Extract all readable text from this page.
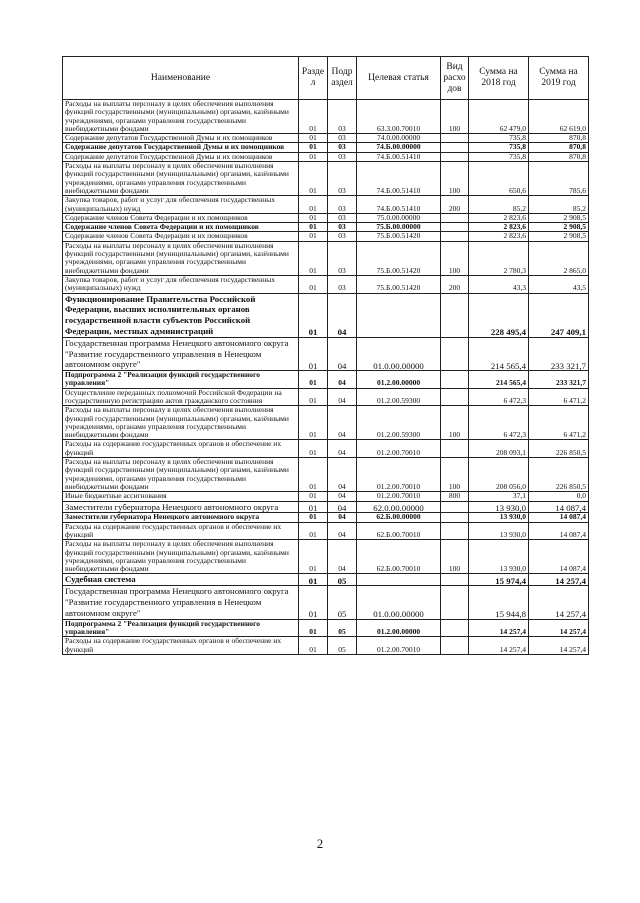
Наименование	Разде л	Подр аздел	Целевая статья	Вид расхо дов	Сумма на 2018 год	Сумма на 2019 год
Расходы на выплаты персоналу в целях обеспечения выполнения функций государственными (муниципальными) органами, казёнными учреждениями, органами управления государственными внебюджетными фондами	01	03	63.3.00.70010	100	62 479,0	62 619,0
Содержание депутатов Государственной Думы и их помощников	01	03	74.0.00.00000		735,8	870,8
Содержание депутатов Государственной Думы и их помощников	01	03	74.Б.00.00000		735,8	870,8
Содержание депутатов Государственной Думы и их помощников	01	03	74.Б.00.51410		735,8	870,8
Расходы на выплаты персоналу в целях обеспечения выполнения функций государственными (муниципальными) органами, казёнными учреждениями, органами управления государственными внебюджетными фондами	01	03	74.Б.00.51410	100	650,6	785,6
Закупка товаров, работ и услуг для обеспечения государственных (муниципальных) нужд	01	03	74.Б.00.51410	200	85,2	85,2
Содержание членов Совета Федерации и их помощников	01	03	75.0.00.00000		2 823,6	2 908,5
Содержание членов Совета Федерации и их помощников	01	03	75.Б.00.00000		2 823,6	2 908,5
Содержание членов Совета Федерации и их помощников	01	03	75.Б.00.51420		2 823,6	2 908,5
Расходы на выплаты персоналу в целях обеспечения выполнения функций государственными (муниципальными) органами, казёнными учреждениями, органами управления государственными внебюджетными фондами	01	03	75.Б.00.51420	100	2 780,3	2 865,0
Закупка товаров, работ и услуг для обеспечения государственных (муниципальных) нужд	01	03	75.Б.00.51420	200	43,3	43,5
Функционирование Правительства Российской Федерации, высших исполнительных органов государственной власти субъектов Российской Федерации, местных администраций	01	04			228 495,4	247 409,1
Государственная программа Ненецкого автономного округа "Развитие государственного управления в Ненецком автономном округе"	01	04	01.0.00.00000		214 565,4	233 321,7
Подпрограмма 2 "Реализация функций государственного управления"	01	04	01.2.00.00000		214 565,4	233 321,7
Осуществление переданных полномочий Российской Федерации на государственную регистрацию актов гражданского состояния	01	04	01.2.00.59300		6 472,3	6 471,2
Расходы на выплаты персоналу в целях обеспечения выполнения функций государственными (муниципальными) органами, казёнными учреждениями, органами управления государственными внебюджетными фондами	01	04	01.2.00.59300	100	6 472,3	6 471,2
Расходы на содержание государственных органов и обеспечение их функций	01	04	01.2.00.70010		208 093,1	226 850,5
Расходы на выплаты персоналу в целях обеспечения выполнения функций государственными (муниципальными) органами, казёнными учреждениями, органами управления государственными внебюджетными фондами	01	04	01.2.00.70010	100	208 056,0	226 850,5
Иные бюджетные ассигнования	01	04	01.2.00.70010	800	37,1	0,0
Заместители губернатора Ненецкого автономного округа	01	04	62.0.00.00000		13 930,0	14 087,4
Заместители губернатора Ненецкого автономного округа	01	04	62.Б.00.00000		13 930,0	14 087,4
Расходы на содержание государственных органов и обеспечение их функций	01	04	62.Б.00.70010		13 930,0	14 087,4
Расходы на выплаты персоналу в целях обеспечения выполнения функций государственными (муниципальными) органами, казёнными учреждениями, органами управления государственными внебюджетными фондами	01	04	62.Б.00.70010	100	13 930,0	14 087,4
Судебная система	01	05			15 974,4	14 257,4
Государственная программа Ненецкого автономного округа "Развитие государственного управления в Ненецком автономном округе"	01	05	01.0.00.00000		15 944,8	14 257,4
Подпрограмма 2 "Реализация функций государственного управления"	01	05	01.2.00.00000		14 257,4	14 257,4
Расходы на содержание государственных органов и обеспечение их функций	01	05	01.2.00.70010		14 257,4	14 257,4
2
